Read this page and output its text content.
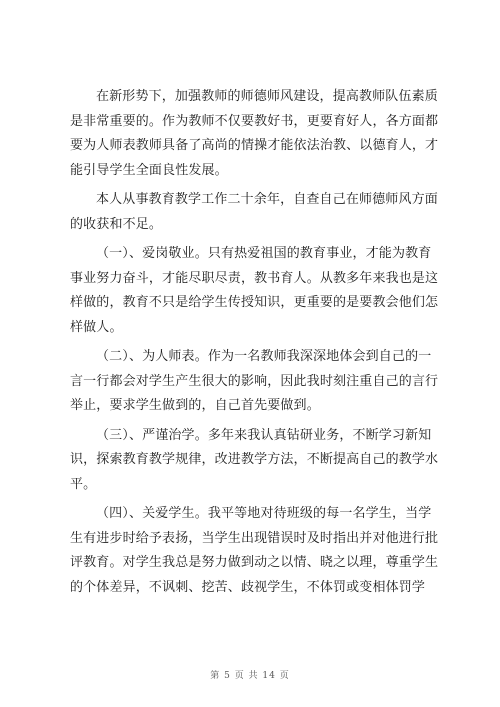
在新形势下，加强教师的师德师风建设，提高教师队伍素质
是非常重要的。作为教师不仅要教好书，更要育好人，各方面都
要为人师表教师具备了高尚的情操才能依法治教、以德育人，才
能引导学生全面良性发展。
本人从事教育教学工作二十余年，自查自己在师德师风方面
的收获和不足。
（一）、爱岗敬业。只有热爱祖国的教育事业，才能为教育
事业努力奋斗，才能尽职尽责，教书育人。从教多年来我也是这
样做的，教育不只是给学生传授知识，更重要的是要教会他们怎
样做人。
（二）、为人师表。作为一名教师我深深地体会到自己的一
言一行都会对学生产生很大的影响，因此我时刻注重自己的言行
举止，要求学生做到的，自己首先要做到。
（三）、严谨治学。多年来我认真钻研业务，不断学习新知
识，探索教育教学规律，改进教学方法，不断提高自己的教学水
平。
（四）、关爱学生。我平等地对待班级的每一名学生，当学
生有进步时给予表扬，当学生出现错误时及时指出并对他进行批
评教育。对学生我总是努力做到动之以情、晓之以理，尊重学生
的个体差异，不讽刺、挖苦、歧视学生，不体罚或变相体罚学
第 5 页 共 14 页
